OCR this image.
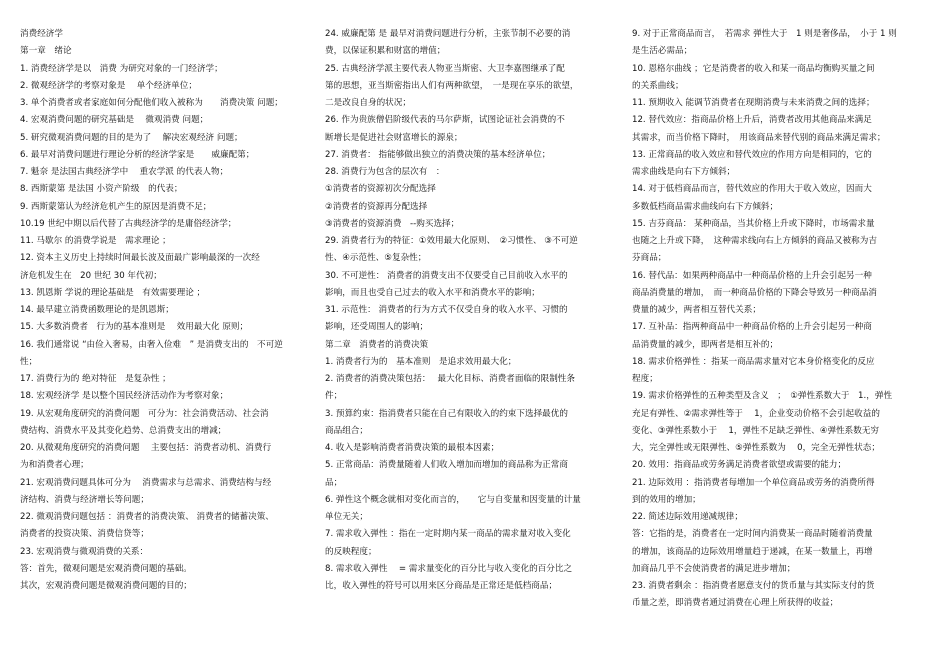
消费经济学
第一章　绪论
1. 消费经济学是以　消费 为研究对象的一门经济学；
2. 微观经济学的考察对象是　 单个经济单位；
3. 单个消费者或者家庭如何分配他们收入被称为　　消费决策 问题；
4. 宏观消费问题的研究基础是　 微观消费 问题；
5. 研究微观消费问题的目的是为了　 解决宏观经济 问题；
6. 最早对消费问题进行理论分析的经济学家是　　威廉配第；
7. 魁奈 是法国古典经济学中　 重农学派 的代表人物；
8. 西斯蒙第 是法国 小资产阶级　的代表；
9. 西斯蒙第认为经济危机产生的原因是消费不足；
10.19 世纪中期以后代替了古典经济学的是庸俗经济学；
11. 马歇尔 的消费学说是　需求理论 ；
12. 资本主义历史上持续时间最长波及面最广影响最深的一次经
济危机发生在　20 世纪 30 年代初；
13. 凯恩斯 学说的理论基础是　有效需要理论 ；
14. 最早建立消费函数理论的是凯恩斯；
15. 大多数消费者　行为的基本准则是　 效用最大化 原则；
16. 我们通常说 “由俭入奢易，由奢入俭难　” 是消费支出的　不可逆
性；
17. 消费行为的 绝对特征　是复杂性 ；
18. 宏观经济学 是以整个国民经济活动作为考察对象；
19. 从宏观角度研究的消费问题　可分为：社会消费活动、社会消
费结构、消费水平及其变化趋势、总消费支出的增减；
20. 从微观角度研究的消费问题　 主要包括：消费者动机、消费行
为和消费者心理；
21. 宏观消费问题具体可分为　 消费需求与总需求、消费结构与经
济结构、消费与经济增长等问题；
22. 微观消费问题包括 ：消费者的消费决策、 消费者的储蓄决策、
消费者的投资决策、消费信贷等；
23. 宏观消费与微观消费的关系：
答：首先，微观问题是宏观消费问题的基础。
其次，宏观消费问题是微观消费问题的目的；
24. 威廉配第 是 最早对消费问题进行分析，主张节制不必要的消
费，以保证积累和财富的增值；
25. 古典经济学派主要代表人物亚当斯密、大卫李嘉图继承了配
第的思想，亚当斯密指出人们有两种欲望，　一是现在享乐的欲望，
二是改良自身的状况；
26. 作为贵族僧侣阶级代表的马尔萨斯，试图论证社会消费的不
断增长是促进社会财富增长的源泉；
27. 消费者： 指能够做出独立的消费决策的基本经济单位；
28. 消费行为包含的层次有　：
①消费者的资源初次分配选择
②消费者的资源再分配选择
③消费者的资源消费　--购买选择；
29. 消费者行为的特征：①效用最大化原则、　②习惯性、 ③不可逆
性、④示范性、⑤复杂性；
30. 不可逆性： 消费者的消费支出不仅要受自己目前收入水平的
影响，而且也受自己过去的收入水平和消费水平的影响；
31. 示范性： 消费者的行为方式不仅受自身的收入水平、习惯的
影响，还受周围人的影响；
第二章　消费者的消费决策
1. 消费者行为的　基本准则　是追求效用最大化；
2. 消费者的消费决策包括：　 最大化目标、消费者面临的限制性条
件；
3. 预算约束：指消费者只能在自己有限收入的约束下选择最优的
商品组合；
4. 收入是影响消费者消费决策的最根本因素；
5. 正常商品：消费量随着人们收入增加而增加的商品称为正常商
品；
6. 弹性这个概念就相对变化而言的，　　它与自变量和因变量的计量
单位无关；
7. 需求收入弹性 ：指在一定时期内某一商品的需求量对收入变化
的反映程度；
8. 需求收入弹性　 = 需求量变化的百分比与收入变化的百分比之
比，收入弹性的符号可以用来区分商品是正常还是低档商品；
9. 对于正常商品而言，　若需求 弹性大于　1 则是奢侈品，　小于 1 则
是生活必需品；
10. 恩格尔曲线 ；它是消费者的收入和某一商品均衡购买量之间
的关系曲线；
11. 预期收入 能调节消费者在现期消费与未来消费之间的选择；
12. 替代效应：指商品价格上升后，消费者改用其他商品来满足
其需求，而当价格下降时，　用该商品来替代别的商品来满足需求；
13. 正常商品的收入效应和替代效应的作用方向是相同的，它的
需求曲线是向右下方倾斜；
14. 对于低档商品而言，替代效应的作用大于收入效应，因而大
多数低档商品需求曲线向右下方倾斜；
15. 吉芬商品： 某种商品，当其价格上升或下降时，市场需求量
也随之上升或下降，　这种需求线向右上方倾斜的商品又被称为吉
芬商品；
16. 替代品：如果两种商品中一种商品价格的上升会引起另一种
商品消费量的增加，　而一种商品价格的下降会导致另一种商品消
费量的减少，两者相互替代关系；
17. 互补品：指两种商品中一种商品价格的上升会引起另一种商
品消费量的减少，即两者是相互补的；
18. 需求价格弹性 ：指某一商品需求量对它本身价格变化的反应
程度；
19. 需求价格弹性的五种类型及含义　；　①弹性系数大于　1.，弹性
充足有弹性、②需求弹性等于　 1，企业变动价格不会引起收益的
变化、③弹性系数小于　 1，弹性不足缺乏弹性、④弹性系数无穷
大，完全弹性或无限弹性、⑤弹性系数为　 0，完全无弹性状态；
20. 效用：指商品或劳务满足消费者欲望或需要的能力；
21. 边际效用 ：指消费者每增加一个单位商品或劳务的消费所得
到的效用的增加；
22. 简述边际效用递减规律；
答：它指的是，消费者在一定时间内消费某一商品时随着消费量
的增加，该商品的边际效用增量趋于递减，在某一数量上，再增
加商品几乎不会使消费者的满足进步增加；
23. 消费者剩余 ：指消费者愿意支付的货币量与其实际支付的货
币量之差，即消费者通过消费在心理上所获得的收益；
